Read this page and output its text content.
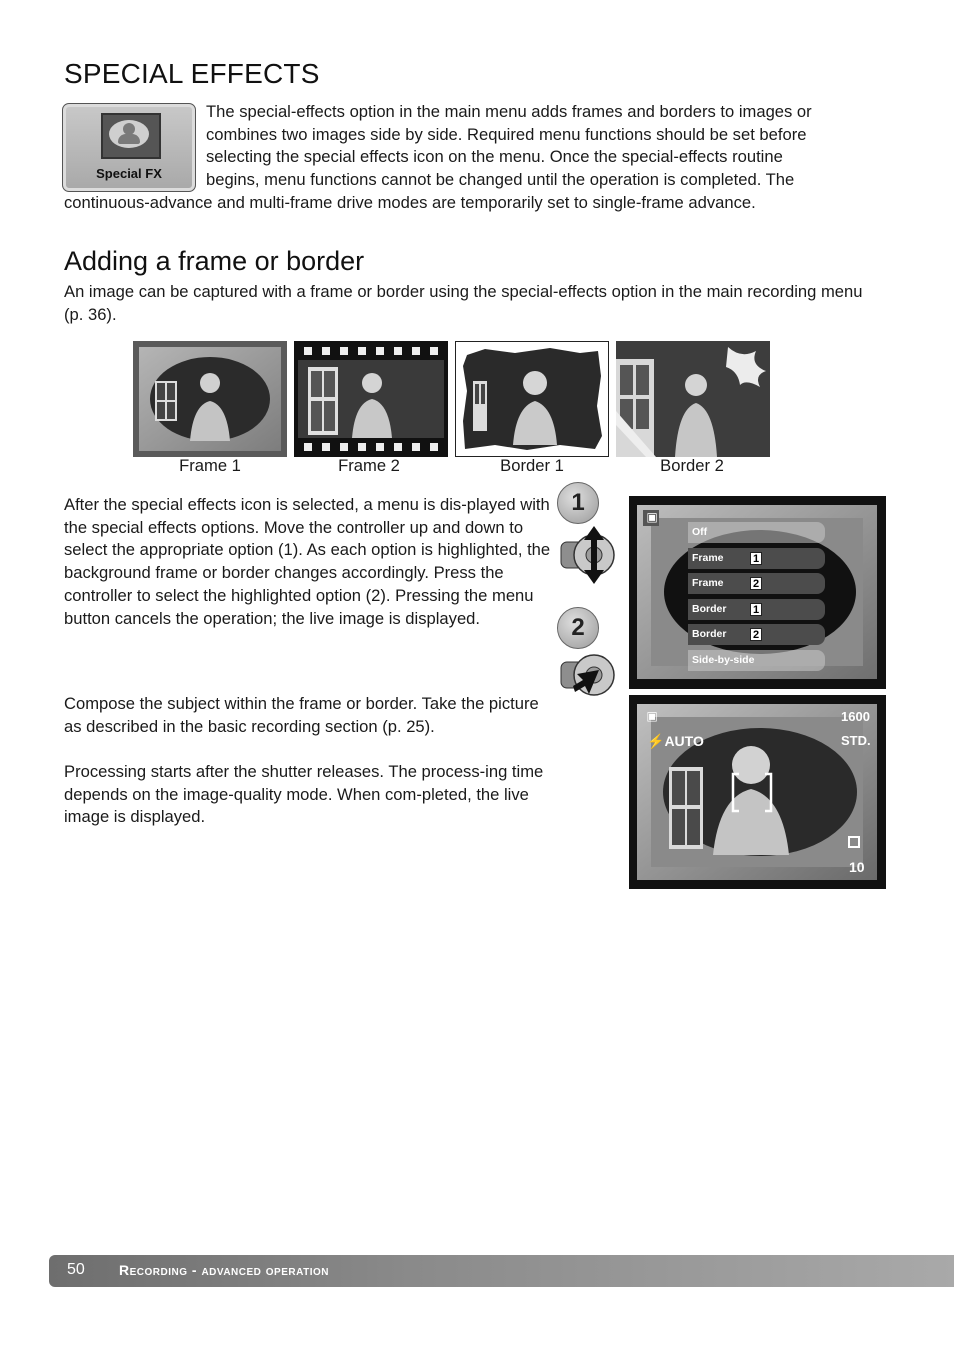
SPECIAL EFFECTS
Special FX

The special-effects option in the main menu adds frames and borders to images or

combines two images side by side. Required menu functions should be set before

selecting the special effects icon on the menu. Once the special-effects routine

begins, menu functions cannot be changed until the operation is completed. The

continuous-advance and multi-frame drive modes are temporarily set to single-frame advance.

Adding a frame or border

An image can be captured with a frame or border using the special-effects option in the main recording menu (p. 36).

Frame 1	Frame 2	Border 1	Border 2

After the special effects icon is selected, a menu is dis-played with the special effects options. Move the controller up and down to select the appropriate option (1). As each option is highlighted, the background frame or border changes accordingly. Press the controller to select the highlighted option (2). Pressing the menu button cancels the operation; the live image is displayed.

Compose the subject within the frame or border. Take the picture as described in the basic recording section (p. 25).

Processing starts after the shutter releases. The process-ing time depends on the image-quality mode. When com-pleted, the live image is displayed.

1
2
▣
Off
Frame	1
Frame	2
Border 1
Border 2
Side-by-side
▣
⚡AUTO
1600
STD.
10
50 Recording - advanced operation
